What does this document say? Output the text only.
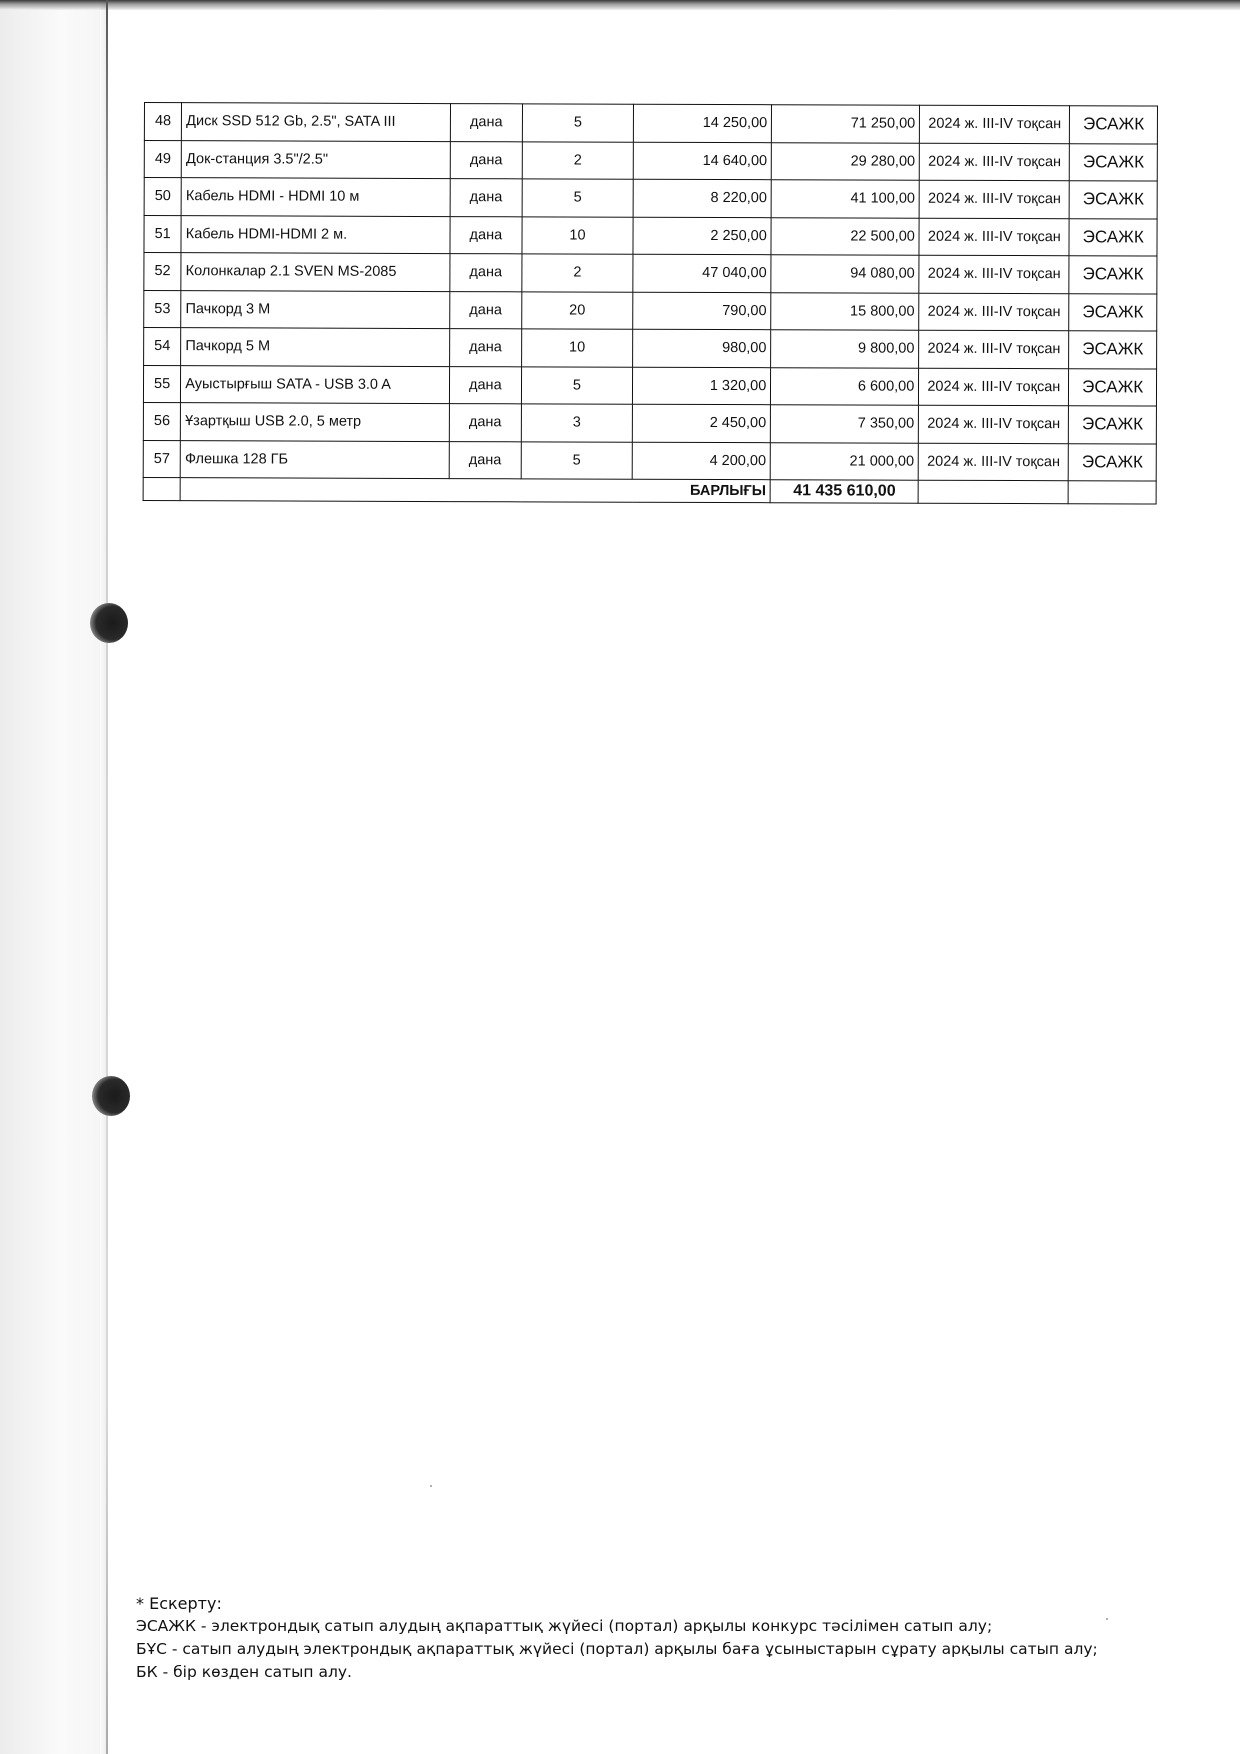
48	Диск SSD 512 Gb, 2.5", SATA III	дана	5	14 250,00	71 250,00	2024 ж. III-IV тоқсан	ЭСАЖК
49	Док-станция 3.5"/2.5"	дана	2	14 640,00	29 280,00	2024 ж. III-IV тоқсан	ЭСАЖК
50	Кабель HDMI - HDMI 10 м	дана	5	8 220,00	41 100,00	2024 ж. III-IV тоқсан	ЭСАЖК
51	Кабель HDMI-HDMI 2 м.	дана	10	2 250,00	22 500,00	2024 ж. III-IV тоқсан	ЭСАЖК
52	Колонкалар 2.1 SVEN MS-2085	дана	2	47 040,00	94 080,00	2024 ж. III-IV тоқсан	ЭСАЖК
53	Пачкорд 3 М	дана	20	790,00	15 800,00	2024 ж. III-IV тоқсан	ЭСАЖК
54	Пачкорд 5 М	дана	10	980,00	9 800,00	2024 ж. III-IV тоқсан	ЭСАЖК
55	Ауыстырғыш SATA - USB 3.0 A	дана	5	1 320,00	6 600,00	2024 ж. III-IV тоқсан	ЭСАЖК
56	Ұзартқыш USB 2.0, 5 метр	дана	3	2 450,00	7 350,00	2024 ж. III-IV тоқсан	ЭСАЖК
57	Флешка 128 ГБ	дана	5	4 200,00	21 000,00	2024 ж. III-IV тоқсан	ЭСАЖК
	БАРЛЫҒЫ				41 435 610,00		
* Ескерту:
ЭСАЖК - электрондық сатып алудың ақпараттық жүйесі (портал) арқылы конкурс тәсілімен сатып алу;
БҰС - сатып алудың электрондық ақпараттық жүйесі (портал) арқылы баға ұсыныстарын сұрату арқылы сатып алу;
БК - бір көзден сатып алу.
